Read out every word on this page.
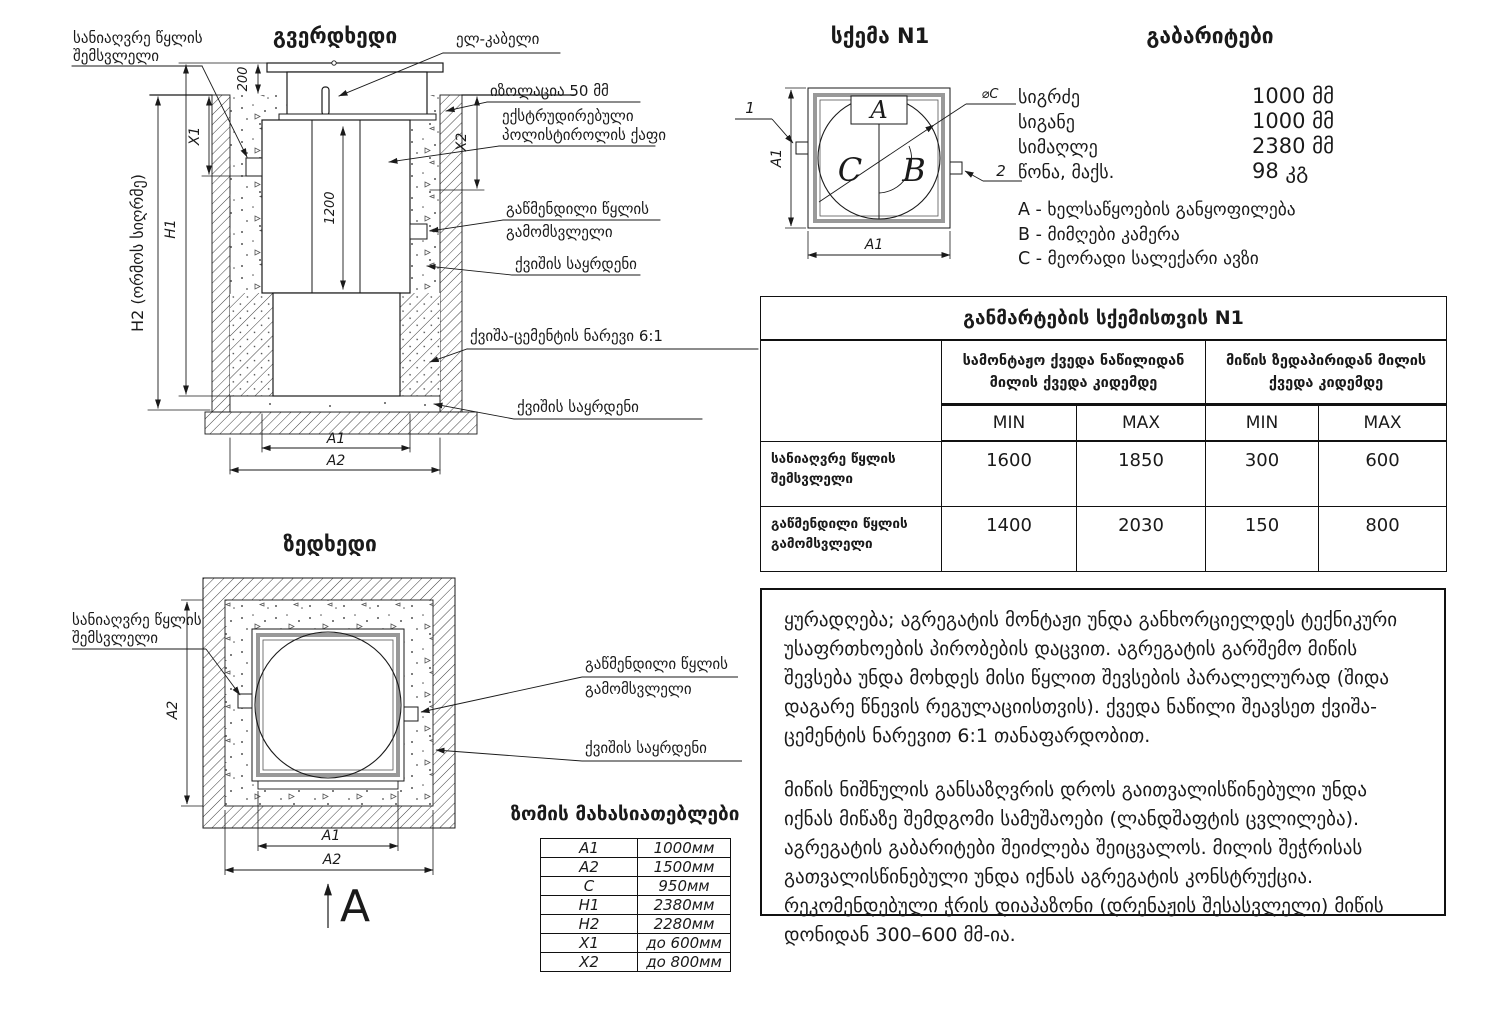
1200
H2 (ორმოს სიღრმე) H1
X1
200
X2
A1
A2
⌀C
A
C B
1
2
A1
A1
A2
A1
A2
A
გვერდხედი
სანიაღვრე წყლის
შემსვლელი
ელ-კაბელი
იზოლაცია 50 მმ
ექსტრუდირებული
პოლისტიროლის ქაფი
გაწმენდილი წყლის
გამომსვლელი
ქვიშის საყრდენი
ქვიშა-ცემენტის ნარევი 6:1
ქვიშის საყრდენი
სქემა N1	გაბარიტები
სიგრძე	1000 მმ
სიგანე	1000 მმ
სიმაღლე	2380 მმ
წონა, მაქს.	98 კგ
A - ხელსაწყოების განყოფილება
B - მიმღები კამერა
C - მეორადი სალექარი ავზი
განმარტების სქემისთვის N1				
	სამონტაჟო ქვედა ნაწილიდან მილის ქვედა კიდემდე		მიწის ზედაპირიდან მილის ქვედა კიდემდე	
	MIN	MAX	MIN	MAX
სანიაღვრე წყლის შემსვლელი	1600	1850	300	600
გაწმენდილი წყლის გამომსვლელი	1400	2030	150	800
ზედხედი
სანიაღვრე წყლის
შემსვლელი
გაწმენდილი წყლის
გამომსვლელი
ქვიშის საყრდენი
ზომის მახასიათებლები
A1	1000мм
A2	1500мм
C	950мм
H1	2380мм
H2	2280мм
X1	до 600мм
X2	до 800мм

ყურადღება; აგრეგატის მონტაჟი უნდა განხორციელდეს ტექნიკური უსაფრთხოების პირობების დაცვით. აგრეგატის გარშემო მიწის შევსება უნდა მოხდეს მისი წყლით შევსების პარალელურად (შიდა დაგარე წნევის რეგულაციისთვის). ქვედა ნაწილი შეავსეთ ქვიშა-ცემენტის ნარევით 6:1 თანაფარდობით.

მიწის ნიშნულის განსაზღვრის დროს გაითვალისწინებული უნდა იქნას მიწაზე შემდგომი სამუშაოები (ლანდშაფტის ცვლილება). აგრეგატის გაბარიტები შეიძლება შეიცვალოს. მილის შეჭრისას გათვალისწინებული უნდა იქნას აგრეგატის კონსტრუქცია. რეკომენდებული ჭრის დიაპაზონი (დრენაჟის შესასვლელი) მიწის დონიდან 300–600 მმ-ია.
